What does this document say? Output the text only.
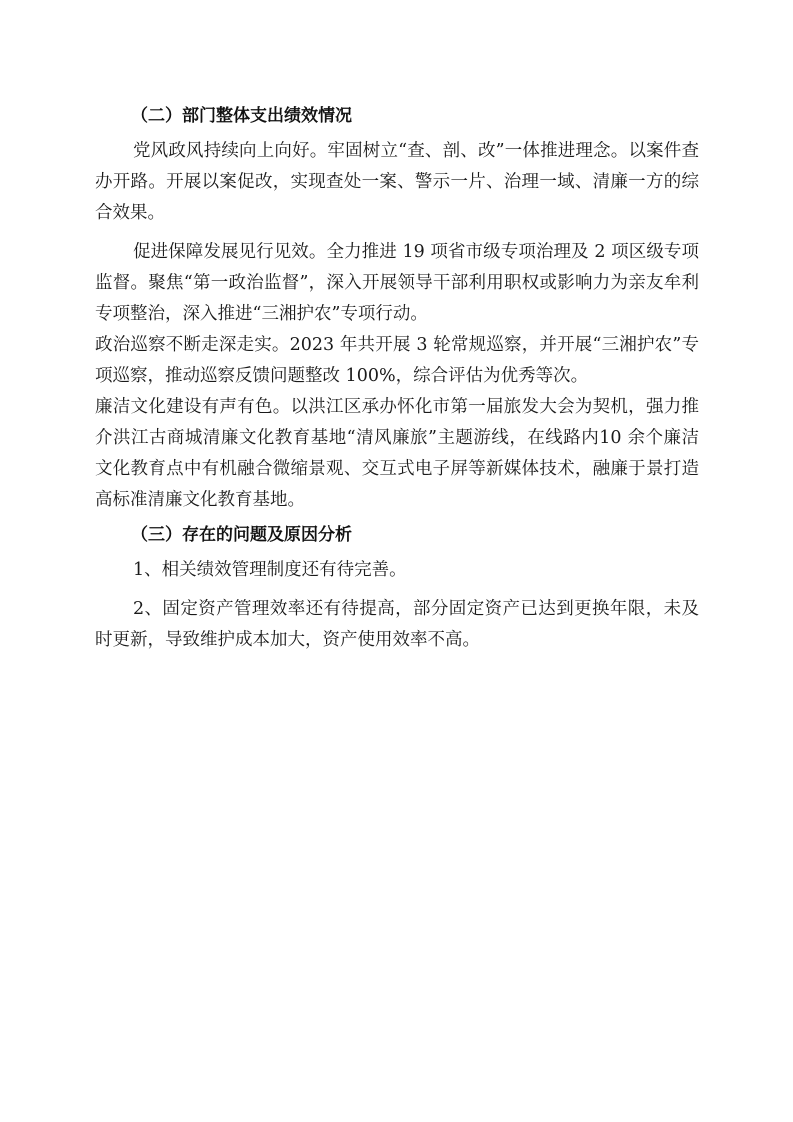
（二）部门整体支出绩效情况

党风政风持续向上向好。牢固树立“查、剖、改”一体推进理念。以案件查办开路。开展以案促改，实现查处一案、警示一片、治理一域、清廉一方的综合效果。

促进保障发展见行见效。全力推进 19 项省市级专项治理及 2 项区级专项监督。聚焦“第一政治监督”，深入开展领导干部利用职权或影响力为亲友牟利专项整治，深入推进“三湘护农”专项行动。

政治巡察不断走深走实。2023 年共开展 3 轮常规巡察，并开展“三湘护农”专项巡察，推动巡察反馈问题整改 100%，综合评估为优秀等次。

廉洁文化建设有声有色。以洪江区承办怀化市第一届旅发大会为契机，强力推介洪江古商城清廉文化教育基地“清风廉旅”主题游线，在线路内10 余个廉洁文化教育点中有机融合微缩景观、交互式电子屏等新媒体技术，融廉于景打造高标准清廉文化教育基地。

（三）存在的问题及原因分析

1、相关绩效管理制度还有待完善。

2、固定资产管理效率还有待提高，部分固定资产已达到更换年限，未及时更新，导致维护成本加大，资产使用效率不高。
